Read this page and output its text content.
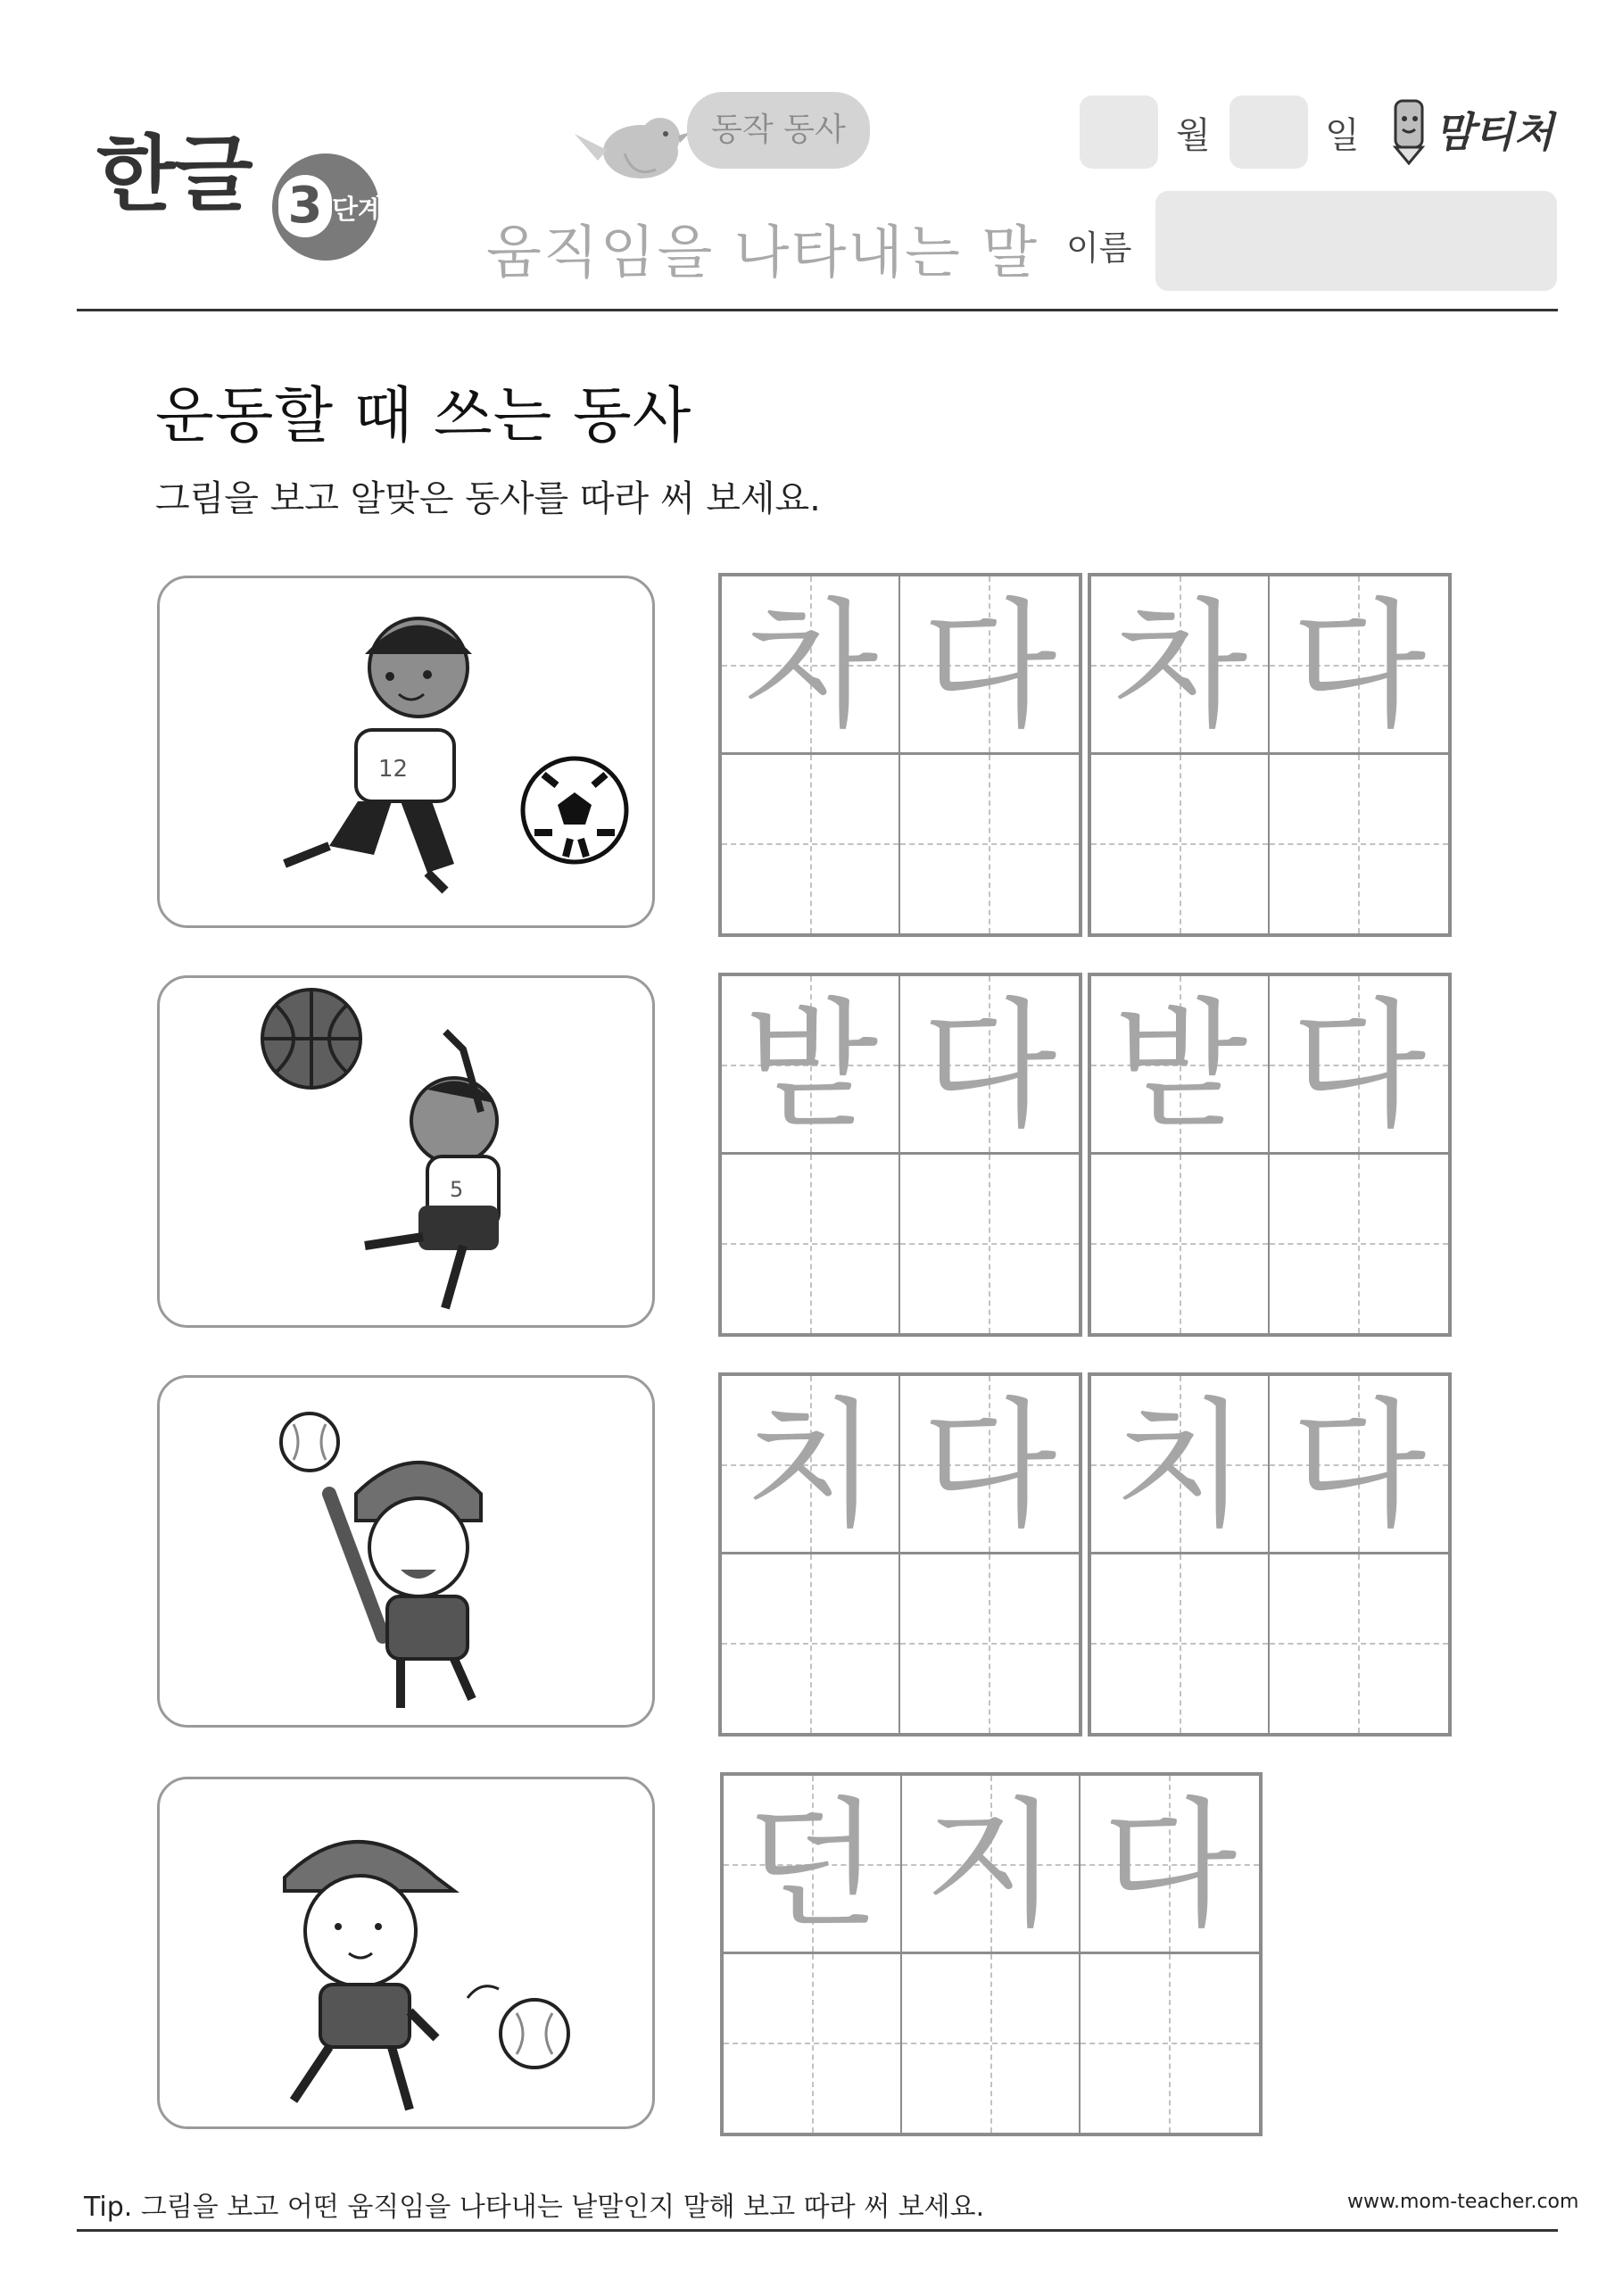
한글 3 단계
동작 동사
움직임을 나타내는 말
월	일 맘티처
이름
운동할 때 쓰는 동사
그림을 보고 알맞은 동사를 따라 써 보세요.
12
차 다 차 다
5
받 다 받 다
치 다 치 다
던 지 다
Tip. 그림을 보고 어떤 움직임을 나타내는 낱말인지 말해 보고 따라 써 보세요.	www.mom-teacher.com
